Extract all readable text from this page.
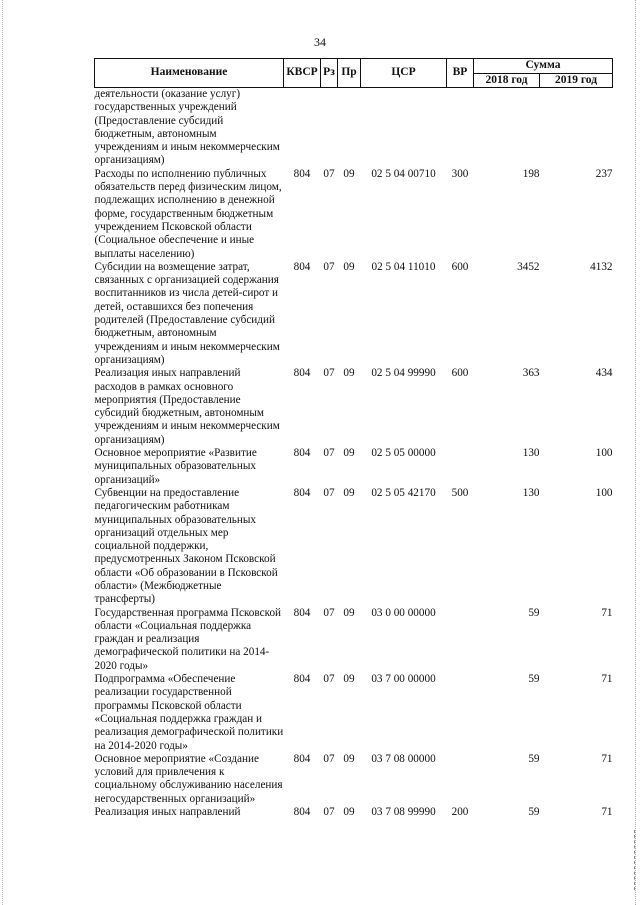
34
Наименование	КВСР	Рз	Пр	ЦСР	ВР	Сумма	
						2018 год	2019 год
деятельности (оказание услуг) государственных учреждений (Предоставление субсидий бюджетным, автономным учреждениям и иным некоммерческим организациям)							
Расходы по исполнению публичных обязательств перед физическим лицом, подлежащих исполнению в денежной форме, государственным бюджетным учреждением Псковской области (Социальное обеспечение и иные выплаты населению)	804	07	09	02 5 04 00710	300	198	237
Субсидии на возмещение затрат, связанных с организацией содержания воспитанников из числа детей-сирот и детей, оставшихся без попечения родителей (Предоставление субсидий бюджетным, автономным учреждениям и иным некоммерческим организациям)	804	07	09	02 5 04 11010	600	3452	4132
Реализация иных направлений расходов в рамках основного мероприятия (Предоставление субсидий бюджетным, автономным учреждениям и иным некоммерческим организациям)	804	07	09	02 5 04 99990	600	363	434
Основное мероприятие «Развитие муниципальных образовательных организаций»	804	07	09	02 5 05 00000		130	100
Субвенции на предоставление педагогическим работникам муниципальных образовательных организаций отдельных мер социальной поддержки, предусмотренных Законом Псковской области «Об образовании в Псковской области» (Межбюджетные трансферты)	804	07	09	02 5 05 42170	500	130	100
Государственная программа Псковской области «Социальная поддержка граждан и реализация демографической политики на 2014-2020 годы»	804	07	09	03 0 00 00000		59	71
Подпрограмма «Обеспечение реализации государственной программы Псковской области «Социальная поддержка граждан и реализация демографической политики на 2014-2020 годы»	804	07	09	03 7 00 00000		59	71
Основное мероприятие «Создание условий для привлечения к социальному обслуживанию населения негосударственных организаций»	804	07	09	03 7 08 00000		59	71
Реализация иных направлений	804	07	09	03 7 08 99990	200	59	71
